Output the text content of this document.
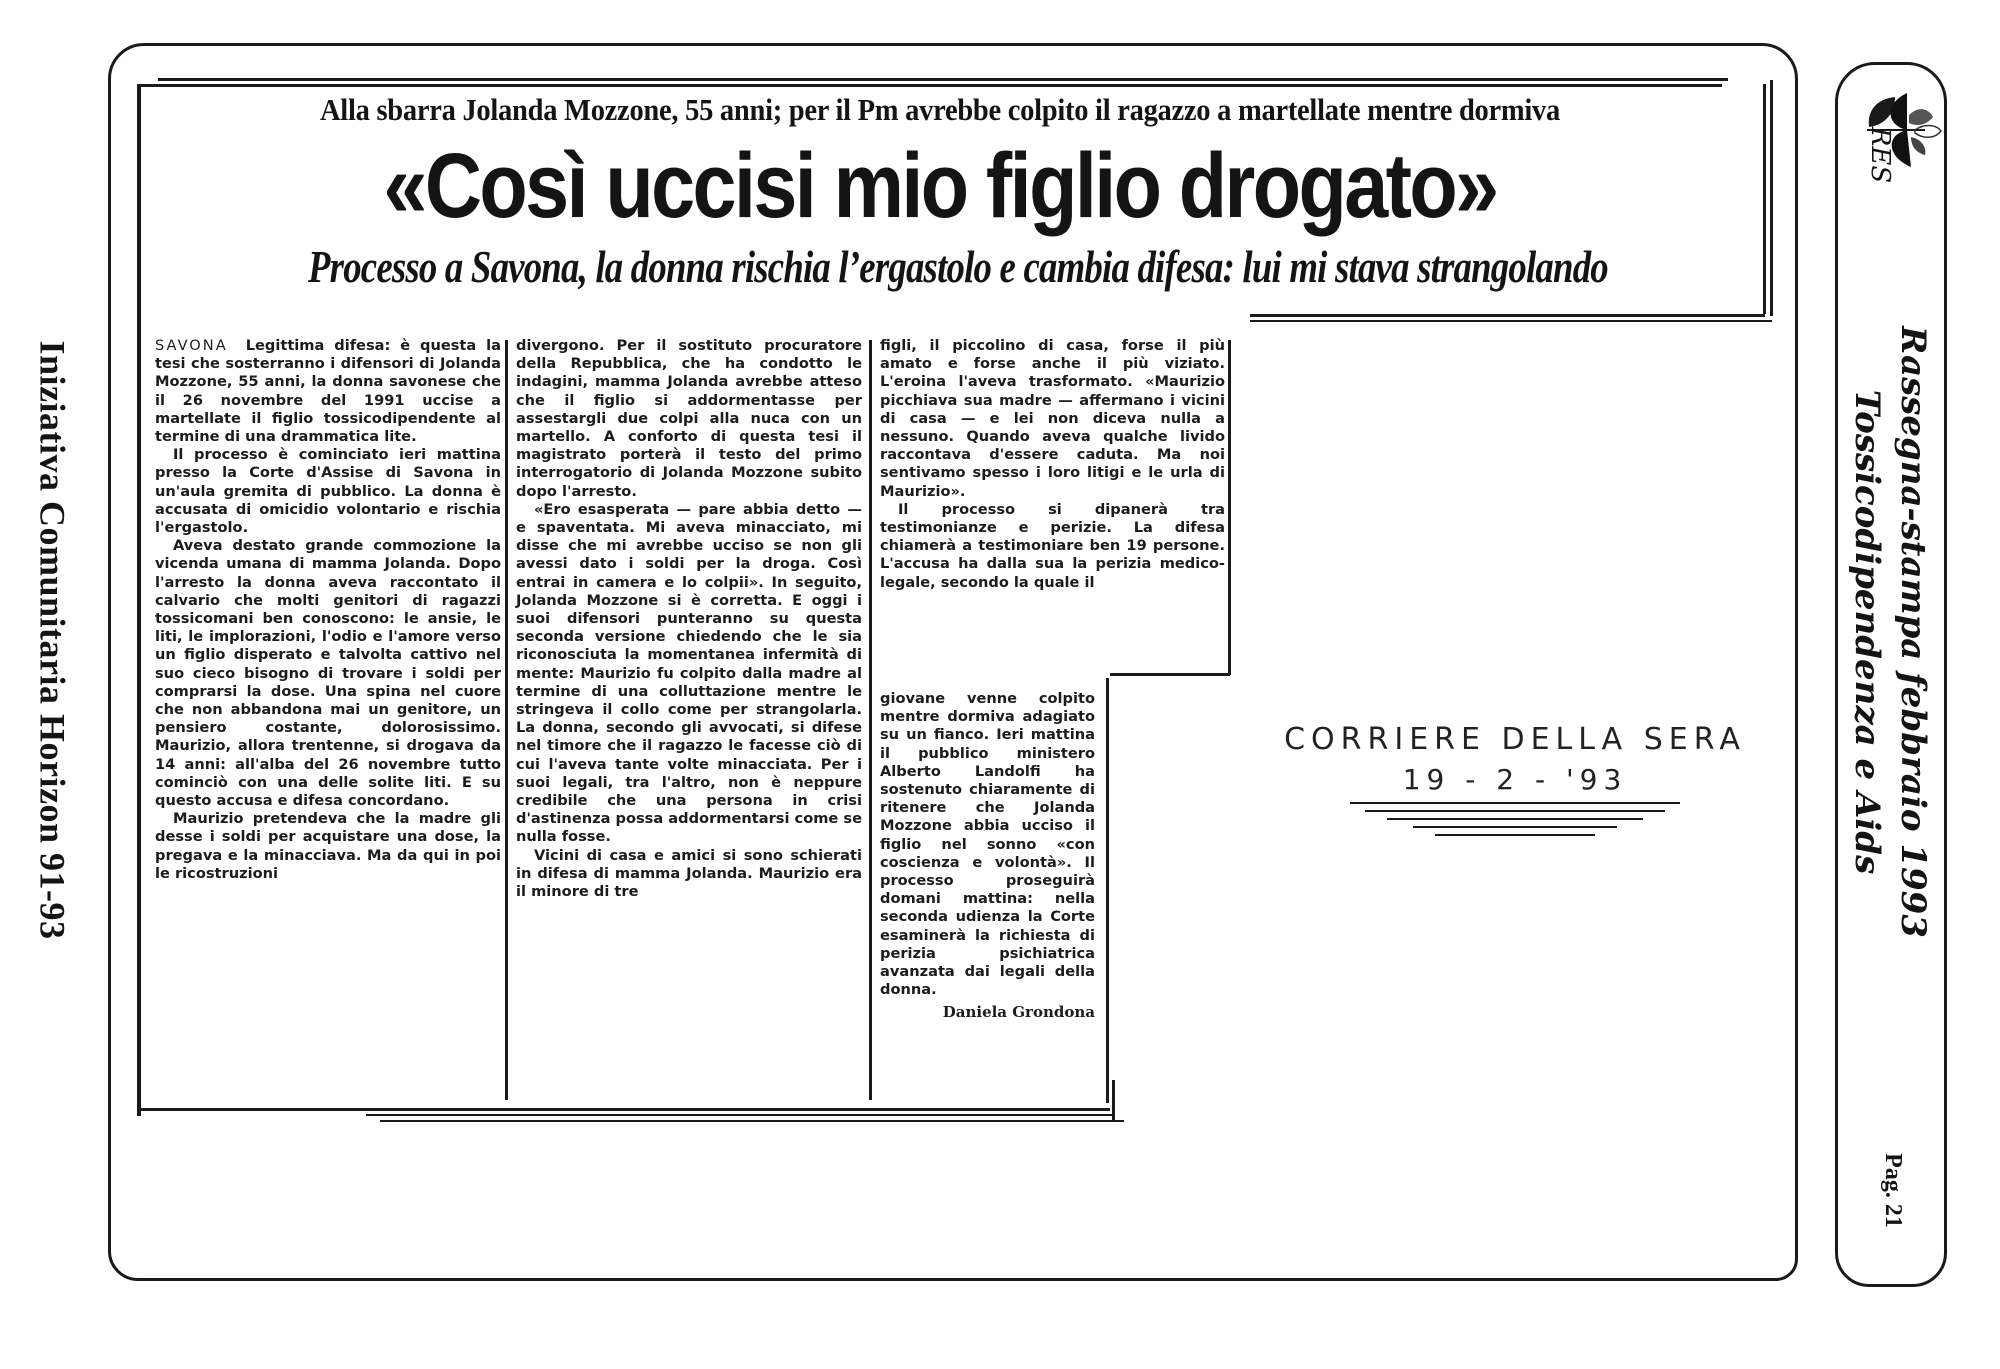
Iniziativa Comunitaria Horizon 91-93
RES
Rassegna-stampa febbraio 1993
Tossicodipendenza e Aids
Pag. 21
Alla sbarra Jolanda Mozzone, 55 anni; per il Pm avrebbe colpito il ragazzo a martellate mentre dormiva
«Così uccisi mio figlio drogato»
Processo a Savona, la donna rischia l’ergastolo e cambia difesa: lui mi stava strangolando

SAVONA Legittima difesa: è questa la tesi che sosterranno i difensori di Jolanda Mozzone, 55 anni, la donna savonese che il 26 novembre del 1991 uccise a martellate il figlio tossicodipendente al termine di una drammatica lite.

Il processo è cominciato ieri mattina presso la Corte d'Assise di Savona in un'aula gremita di pubblico. La donna è accusata di omicidio volontario e rischia l'ergastolo.

Aveva destato grande commozione la vicenda umana di mamma Jolanda. Dopo l'arresto la donna aveva raccontato il calvario che molti genitori di ragazzi tossicomani ben conoscono: le ansie, le liti, le implorazioni, l'odio e l'amore verso un figlio disperato e talvolta cattivo nel suo cieco bisogno di trovare i soldi per comprarsi la dose. Una spina nel cuore che non abbandona mai un genitore, un pensiero costante, dolorosissimo. Maurizio, allora trentenne, si drogava da 14 anni: all'alba del 26 novembre tutto cominciò con una delle solite liti. E su questo accusa e difesa concordano.

Maurizio pretendeva che la madre gli desse i soldi per acquistare una dose, la pregava e la minacciava. Ma da qui in poi le ricostruzioni

divergono. Per il sostituto procuratore della Repubblica, che ha condotto le indagini, mamma Jolanda avrebbe atteso che il figlio si addormentasse per assestargli due colpi alla nuca con un martello. A conforto di questa tesi il magistrato porterà il testo del primo interrogatorio di Jolanda Mozzone subito dopo l'arresto.

«Ero esasperata — pare abbia detto — e spaventata. Mi aveva minacciato, mi disse che mi avrebbe ucciso se non gli avessi dato i soldi per la droga. Così entrai in camera e lo colpii». In seguito, Jolanda Mozzone si è corretta. E oggi i suoi difensori punteranno su questa seconda versione chiedendo che le sia riconosciuta la momentanea infermità di mente: Maurizio fu colpito dalla madre al termine di una colluttazione mentre le stringeva il collo come per strangolarla. La donna, secondo gli avvocati, si difese nel timore che il ragazzo le facesse ciò di cui l'aveva tante volte minacciata. Per i suoi legali, tra l'altro, non è neppure credibile che una persona in crisi d'astinenza possa addormentarsi come se nulla fosse.

Vicini di casa e amici si sono schierati in difesa di mamma Jolanda. Maurizio era il minore di tre

figli, il piccolino di casa, forse il più amato e forse anche il più viziato. L'eroina l'aveva trasformato. «Maurizio picchiava sua madre — affermano i vicini di casa — e lei non diceva nulla a nessuno. Quando aveva qualche livido raccontava d'essere caduta. Ma noi sentivamo spesso i loro litigi e le urla di Maurizio».

Il processo si dipanerà tra testimonianze e perizie. La difesa chiamerà a testimoniare ben 19 persone. L'accusa ha dalla sua la perizia medico-legale, secondo la quale il

giovane venne colpito mentre dormiva adagiato su un fianco. Ieri mattina il pubblico ministero Alberto Landolfi ha sostenuto chiaramente di ritenere che Jolanda Mozzone abbia ucciso il figlio nel sonno «con coscienza e volontà». Il processo proseguirà domani mattina: nella seconda udienza la Corte esaminerà la richiesta di perizia psichiatrica avanzata dai legali della donna.

Daniela Grondona
CORRIERE DELLA SERA
19 - 2 - '93
